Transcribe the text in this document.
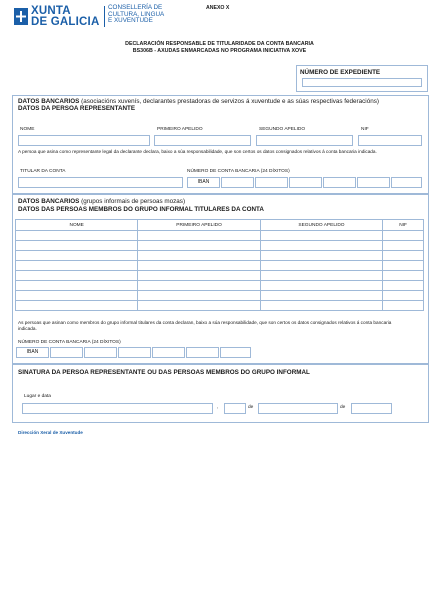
XUNTA
DE GALICIA
CONSELLERÍA DE
CULTURA, LINGUA
E XUVENTUDE
ANEXO X
DECLARACIÓN RESPONSABLE DE TITULARIDADE DA CONTA BANCARIA
BS306B - AXUDAS ENMARCADAS NO PROGRAMA INICIATIVA XOVE
NÚMERO DE EXPEDIENTE
DATOS BANCARIOS (asociacións xuvenís, declarantes prestadoras de servizos á xuventude e as súas respectivas federacións)
DATOS DA PERSOA REPRESENTANTE
NOME	PRIMEIRO APELIDO	SEGUNDO APELIDO	NIF
A persoa que asina como representante legal da declarante declara, baixo a súa responsabilidade, que son certos os datos consignados relativos á conta bancaria indicada.
TITULAR DA CONTA	NÚMERO DE CONTA BANCARIA (24 DÍXITOS)
IBAN
DATOS BANCARIOS (grupos informais de persoas mozas)
DATOS DAS PERSOAS MEMBROS DO GRUPO INFORMAL TITULARES DA CONTA
NOME	PRIMEIRO APELIDO	SEGUNDO APELIDO	NIF

As persoas que asinan como membros do grupo informal titulares da conta declaran, baixo a súa responsabilidade, que son certos os datos consignados relativos á conta bancaria indicada.
NÚMERO DE CONTA BANCARIA (24 DÍXITOS)
IBAN
SINATURA DA PERSOA REPRESENTANTE OU DAS PERSOAS MEMBROS DO GRUPO INFORMAL
Lugar e data
,	de	de
Dirección Xeral de Xuventude
